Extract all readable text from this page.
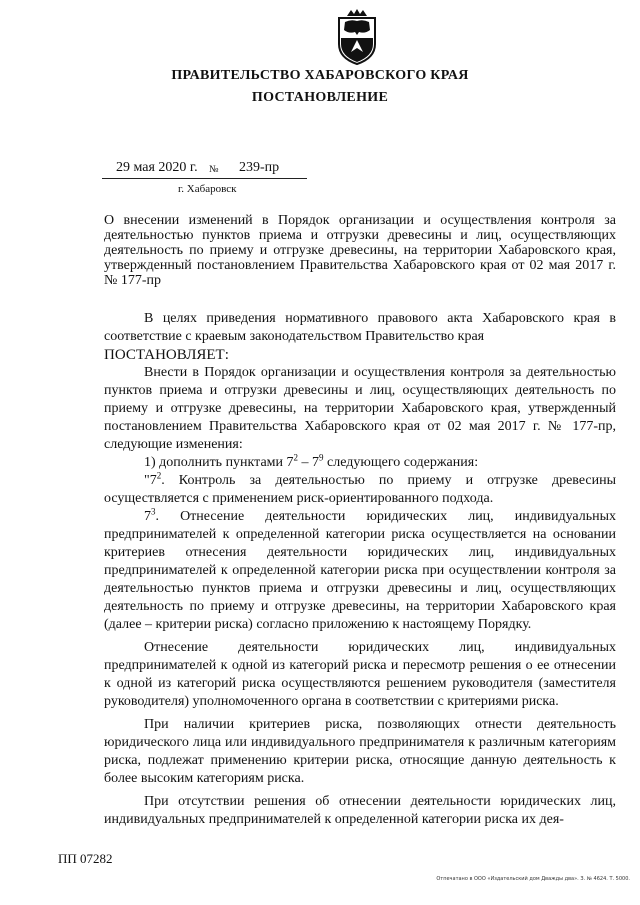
ПРАВИТЕЛЬСТВО ХАБАРОВСКОГО КРАЯ
ПОСТАНОВЛЕНИЕ
29 мая 2020 г. № 239-пр
г. Хабаровск
О внесении изменений в Порядок организации и осуществления контроля за деятельностью пунктов приема и отгрузки древесины и лиц, осуществляющих деятельность по приему и отгрузке древесины, на территории Хабаровского края, утвержденный постановлением Правительства Хабаровского края от 02 мая 2017 г. № 177-пр

В целях приведения нормативного правового акта Хабаровского края в соответствие с краевым законодательством Правительство края

ПОСТАНОВЛЯЕТ:

Внести в Порядок организации и осуществления контроля за деятельностью пунктов приема и отгрузки древесины и лиц, осуществляющих деятельность по приему и отгрузке древесины, на территории Хабаровского края, утвержденный постановлением Правительства Хабаровского края от 02 мая 2017 г. № 177-пр, следующие изменения:

1) дополнить пунктами $7^2 - 7^9$ следующего содержания:

"$7^2$. Контроль за деятельностью по приему и отгрузке древесины осуществляется с применением риск-ориентированного подхода.

$7^3$. Отнесение деятельности юридических лиц, индивидуальных предпринимателей к определенной категории риска осуществляется на основании критериев отнесения деятельности юридических лиц, индивидуальных предпринимателей к определенной категории риска при осуществлении контроля за деятельностью пунктов приема и отгрузки древесины и лиц, осуществляющих деятельность по приему и отгрузке древесины, на территории Хабаровского края (далее – критерии риска) согласно приложению к настоящему Порядку.

Отнесение деятельности юридических лиц, индивидуальных предпринимателей к одной из категорий риска и пересмотр решения о ее отнесении к одной из категорий риска осуществляются решением руководителя (заместителя руководителя) уполномоченного органа в соответствии с критериями риска.

При наличии критериев риска, позволяющих отнести деятельность юридического лица или индивидуального предпринимателя к различным категориям риска, подлежат применению критерии риска, относящие данную деятельность к более высоким категориям риска.

При отсутствии решения об отнесении деятельности юридических лиц, индивидуальных предпринимателей к определенной категории риска их дея-

ПП 07282
Отпечатано в ООО «Издательский дом Дважды два». З. № 4624. Т. 5000.
